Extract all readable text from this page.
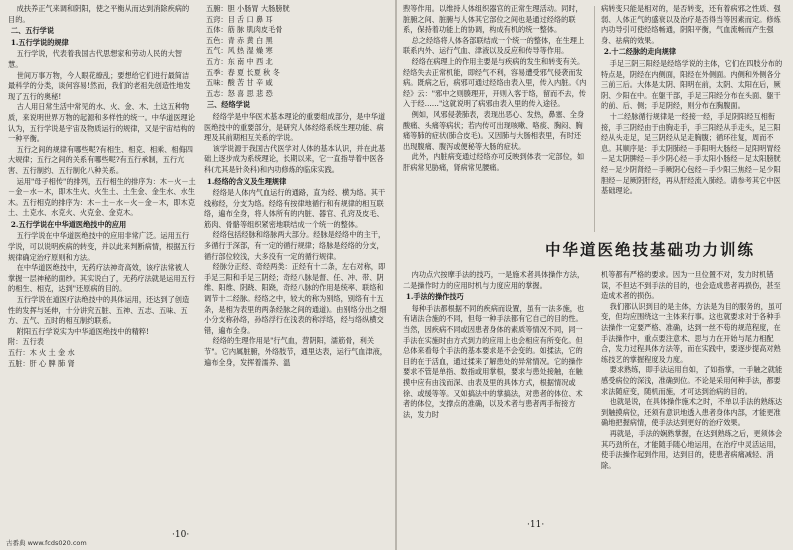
成扶养正气来调和阴阳，使之平衡从而达到消除疾病的目的。

二、五行学说

1.五行学说的规律

五行学说，代表着我国古代思想家和劳动人民的大智慧。

世间万事万物，今人眼花缭乱；要想给它们进行最简洁最科学的分类，谈何容易!然而，我们的老祖先创造性地发现了五行的奥秘!

古人用日常生活中常见的水、火、金、木、土这五种物质，来说明世界万物的起源和多样性的统一。中华道医理论认为，五行学说是宇宙及物质运行的规律，又是宇宙结构的一种平衡。

五行之间的规律有哪些呢?有相生、相克、相乘、相侮四大规律；五行之间的关系有哪些呢?有五行承制，五行亢害、五行制约、五行制化八种关系。

运用"母子相传"的排列，五行相生的排序为：木－火－土－金－水－木，即木生火、火生土、土生金、金生水、水生木。五行相克的排序为：木－土－水－火－金－木，即木克土、土克水、水克火、火克金、金克木。

2.五行学说在中华道医绝技中的应用

五行学说在中华道医绝技中的应用非常广泛。运用五行学说，可以说明疾病的转变，并以此来判断病情，根据五行规律确定治疗原则和方法。

在中华道医绝技中，无药疗法神奇高效，该疗法常被人掌握一层神秘的面纱。其实说白了，无药疗法就是运用五行的相生、相克，达到"还原病的目的。

五行学说在道医疗法绝技中的具体运用，还达到了创造性的发挥与延伸，十分讲究五脏、五神、五志、五味、五方、五气、五时的相互制约联系。

附阳五行学说实为中华道医绝技中的精粹!

附：五行表

五行：木 火 土 金 水

五脏：肝 心 脾 肺 肾

五腑：胆 小肠胃 大肠膀胱
五窍：目 舌 口 鼻 耳
五体：筋 脉 肌肉皮毛骨
五色：青 赤 黄 白 黑
五气：风 热 湿 燥 寒
五方：东 南 中 西 北
五季：春 夏 长夏 秋 冬
五味：酸 苦 甘 辛 咸
五志：怒 喜 思 悲 恐

三、经络学说

经络学是中华医术基本理论的重要组成部分，是中华道医绝技中的重要部分，是研究人体经络系统生理功能、病理及其前期相互关系的学说。

该学说源于我国古代医学对人体的基本认识，并在此基础上逐步成为系统理论，长期以来，它一直指导着中医各科(尤其是针灸科)和内功修炼的临床实践。

1.经络的含义及生理规律

经络是人体内气血运行的通路，直为经、横为络。其干线称经，分支为络。经络有按律地循行和有规律的相互联络，遍布全身，将人体所有的内脏、器官、孔窍及皮毛、筋肉、骨骼等组织紧密地联结成一个统一的整体。

经络包括经脉和络脉两大部分。经脉是经络中的主干，多循行于深部，有一定的循行规律；络脉是经络的分支，循行部位较浅，大多没有一定的循行规律。

经脉分正经、奇经两类：正经有十二条，左右对称，即手足三阳和手足三阴经；奇经八脉是督、任、冲、带、阴维、阳维、阴跷、阳跷，奇经八脉的作用是统率、联络和调节十二经脉。经络之中，较大的称为别络，别络有十五条，是相为表里的两条经脉之间的通道)。由别络分出之细小分支称孙络，孙络浮行在浅表的称浮络，经与络纵横交错，遍布全身。

经络的生理作用是"行气血，营阴阳，濡筋骨，利关节"。它内属脏腑，外络肢节，通里达表，运行气血津液，遍布全身，发挥着濡养、温

·10·

煦等作用。以维持人体组织器官的正常生理活动。同时，脏腑之间、脏腑与人体其它部位之间也是通过经络的联系，保持着功能上的协调，构成有机的统一整体。

总之经络将人体各部联结成一个统一的整体，在生理上联系内外、运行气血、津液以及反应和传导等作用。

经络在病理上的作用主要是与疾病的发生和转变有关。经络失去正常机能，即经气不利，容易遭受邪气侵袭而发病。既病之后，病邪可通过经络由表入里，传入内脏。《内经》云："邪中之则腠理开，开则入客于络，留而不去，传入于经……"这就说明了病邪由表入里的传入途径。

例如，风邪侵袭肺表，表现出恶心、发热，鼻塞、全身酸痛、头痛等病状；若内传可出现咳嗽、咯痰、胸闷、胸痛等肺的症状(肺合皮毛)。又因肺与大肠相表里，有时还出现腹痛、腹泻或便秘等大肠的症状。

此外，内脏病变通过经络亦可反映到体表一定部位，如肝病常见胁痛，肾病常见腰痛。

病转变只能是相对的，是否转变，还有着病邪之性质、强弱、人体正气的盛衰以及治疗是否得当等因素而定。修炼内功导引可使经络畅通，阴阳平衡，气血流畅而产生强身、祛病的效果。

2.十二经脉的走向规律

手足三阴三阳经是经络学说的主体，它们在四肢分布的特点是，阴经在内侧面，阳经在外侧面。内侧和外侧各分三前三后。大体是太阴、阳明在前，太阴、太阳在后，厥阴、少阳在中。在躯干部，手足三阳经分布在头面、躯干的前、后、侧；手足阴经，则分布在胸腹面。

十二经脉循行规律是一经接一经，手足阴阳经互相衔接，手三阴经由于由胸走手，手三阳经从手走头，足三阳经从头走足，足三阴经从足走胸腹；循环往复，周而不息。其顺序是：手太阴肺经－手阳明大肠经－足阳明胃经－足太阴脾经－手少阴心经－手太阳小肠经－足太阳膀胱经－足少阴肾经－手厥阴心包经－手少阳三焦经－足少阳胆经－足厥阴肝经，再从肝经流入肺经。请参考其它中医基础理论。

内功点穴按摩手法的技巧，一是施术者具体操作方法，二是操作时力的应用时机与力度应用的掌握。

1.手法的操作技巧

每种手法都根据不同的疾病而设置，虽有一法多施，也有诸法合施的不同，但每一种手法都有它自己的目的性。当然，因疾病不同或因患者身体的素质等情况不同，同一手法在实施时由方式到力的应用上也会相应有所变化。但总体来看每个手法的基本要求是不会变的。如揉法，它的目的在于活血，通过揉来了解患处的异常情况。它的操作要求不管是单指、数指或用掌根，要求与患处接触，在触摸中应有由浅而深、由表及里的具体方式，根据情况或徐、或缓等等。又如搞法中的掌搞法，对患者的体位、术者的体位，支撑点的准确，以及术者与患者两手衔接方法，发力时

机等都有严格的要求。因为一旦位置不对，发力时机错误，不但达不到手法的目的，也会造成患者再损伤，甚至造成术者的损伤。

我们都认识到目的是主体，方法是为目的服务的，虽可变，但均应围绕这一主体来行事。这也就要求对于各种手法操作一定要严格、准确，达到一丝不苟的规范程度，在手法操作中，重点要注意术、思与力在开始与尾力相配合，发力过程具体方法等，而在实践中，要逐步提高对熟练技艺的掌握程度及力度。

要求熟练，即手法运用自如，了如指掌，一手触之就能感受病位的深浅，准确到位。不论是采用何种手法，都要求法随症变，随机而施，才可达到治病的目的。

也就是说，在具体操作施术之时，不单以手法的熟练达到触摸病位，还须有意识地透入患者身体内部，才能更准确地把握病情，使手法达到更好的治疗效果。

再就是，手法的娴熟掌握，在达到熟练之后，更须体会其巧劲所在，才能随手随心地运用，在治疗中灵活运用，使手法操作起到作用，达到目的，使患者病痛减轻、消除。

·11·
中华道医绝技基础功力训练
古番典 www.fcds020.com
